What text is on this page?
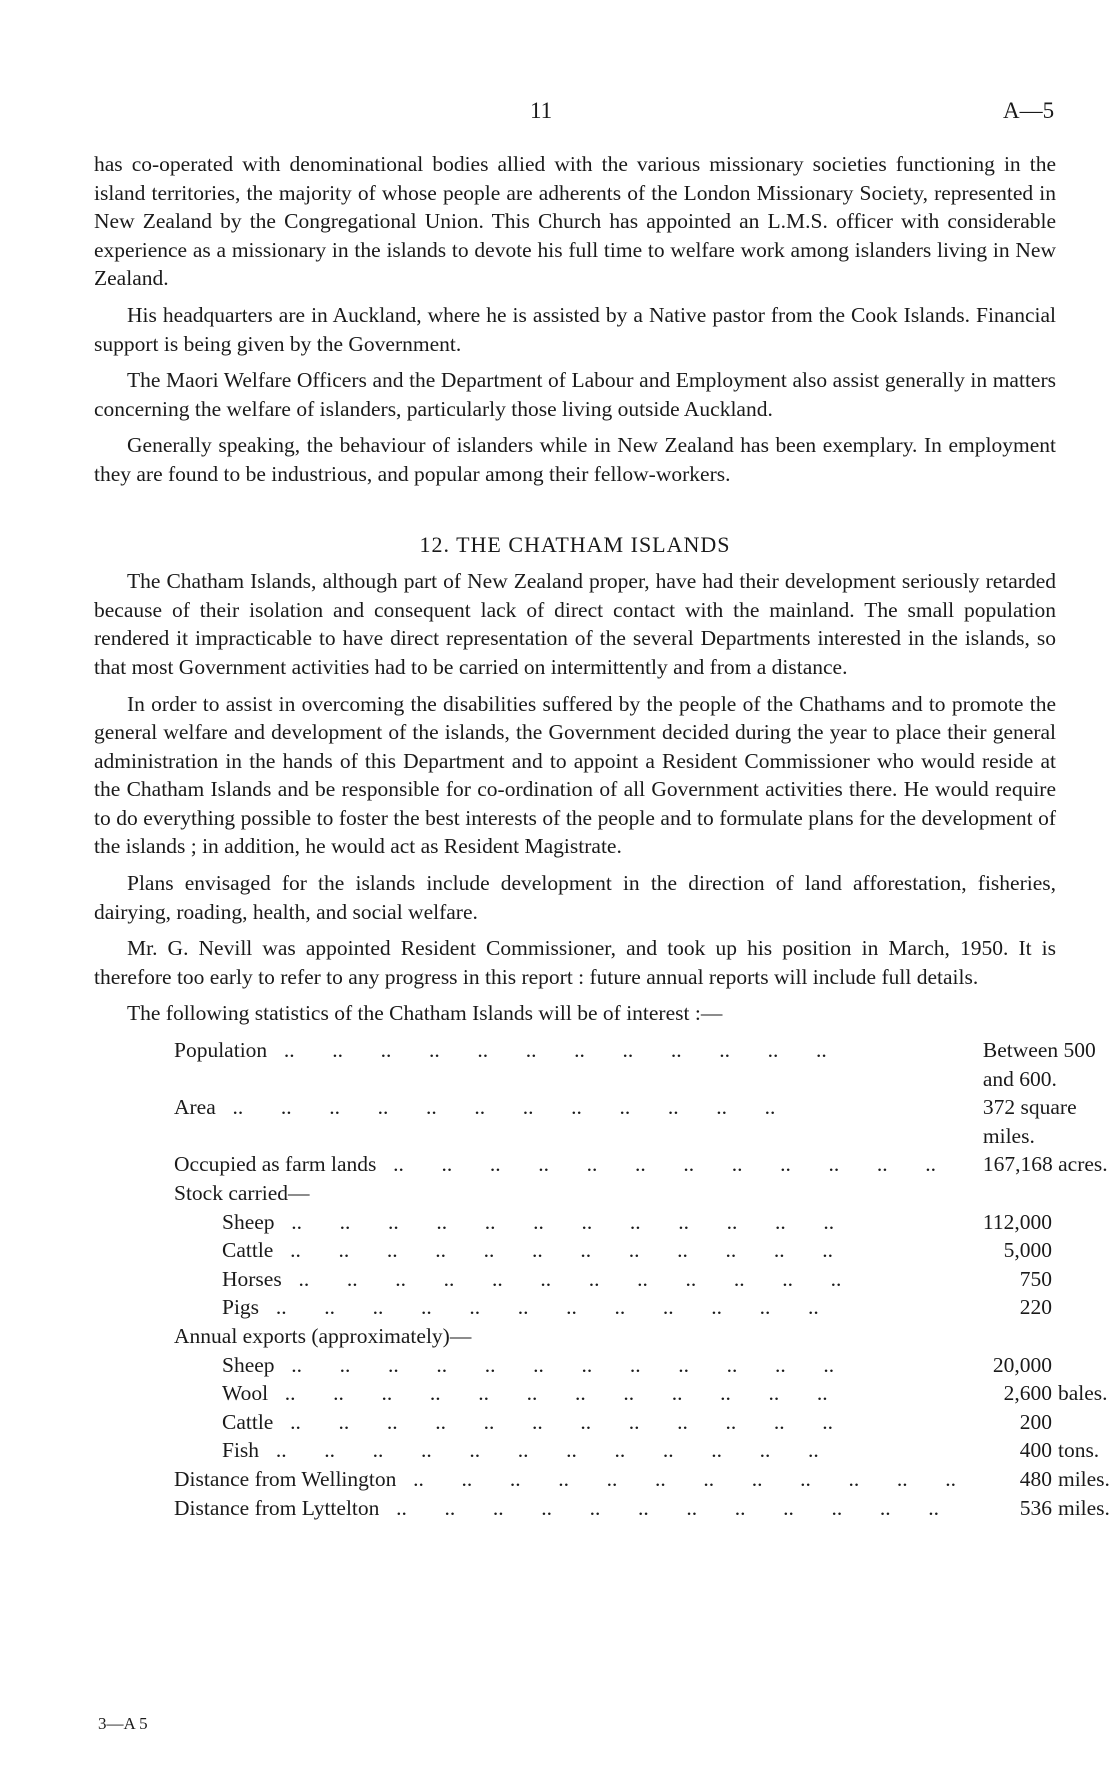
11	A—5

has co-operated with denominational bodies allied with the various missionary societies functioning in the island territories, the majority of whose people are adherents of the London Missionary Society, represented in New Zealand by the Congregational Union. This Church has appointed an L.M.S. officer with considerable experience as a missionary in the islands to devote his full time to welfare work among islanders living in New Zealand.

His headquarters are in Auckland, where he is assisted by a Native pastor from the Cook Islands. Financial support is being given by the Government.

The Maori Welfare Officers and the Department of Labour and Employment also assist generally in matters concerning the welfare of islanders, particularly those living outside Auckland.

Generally speaking, the behaviour of islanders while in New Zealand has been exemplary. In employment they are found to be industrious, and popular among their fellow-workers.

12. THE CHATHAM ISLANDS

The Chatham Islands, although part of New Zealand proper, have had their development seriously retarded because of their isolation and consequent lack of direct contact with the mainland. The small population rendered it impracticable to have direct representation of the several Departments interested in the islands, so that most Government activities had to be carried on intermittently and from a distance.

In order to assist in overcoming the disabilities suffered by the people of the Chathams and to promote the general welfare and development of the islands, the Government decided during the year to place their general administration in the hands of this Department and to appoint a Resident Commissioner who would reside at the Chatham Islands and be responsible for co-ordination of all Government activities there. He would require to do everything possible to foster the best interests of the people and to formulate plans for the development of the islands ; in addition, he would act as Resident Magistrate.

Plans envisaged for the islands include development in the direction of land afforestation, fisheries, dairying, roading, health, and social welfare.

Mr. G. Nevill was appointed Resident Commissioner, and took up his position in March, 1950. It is therefore too early to refer to any progress in this report : future annual reports will include full details.

The following statistics of the Chatham Islands will be of interest :—

Population  ..       ..       ..       ..       ..       ..       ..       ..       ..       ..       ..       ..	Between 500 and 600.	
Area  ..       ..       ..       ..       ..       ..       ..       ..       ..       ..       ..       ..	372 square miles.	
Occupied as farm lands  ..       ..       ..       ..       ..       ..       ..       ..       ..       ..       ..       ..	167,168 acres.	
Stock carried—		
Sheep  ..       ..       ..       ..       ..       ..       ..       ..       ..       ..       ..       ..	112,000	
Cattle  ..       ..       ..       ..       ..       ..       ..       ..       ..       ..       ..       ..	5,000	
Horses  ..       ..       ..       ..       ..       ..       ..       ..       ..       ..       ..       ..	750	
Pigs  ..       ..       ..       ..       ..       ..       ..       ..       ..       ..       ..       ..	220	
Annual exports (approximately)—		
Sheep  ..       ..       ..       ..       ..       ..       ..       ..       ..       ..       ..       ..	20,000	
Wool  ..       ..       ..       ..       ..       ..       ..       ..       ..       ..       ..       ..	2,600	bales.
Cattle  ..       ..       ..       ..       ..       ..       ..       ..       ..       ..       ..       ..	200	
Fish  ..       ..       ..       ..       ..       ..       ..       ..       ..       ..       ..       ..	400	tons.
Distance from Wellington  ..       ..       ..       ..       ..       ..       ..       ..       ..       ..       ..       ..	480	miles.
Distance from Lyttelton  ..       ..       ..       ..       ..       ..       ..       ..       ..       ..       ..       ..	536	miles.
3—A 5
